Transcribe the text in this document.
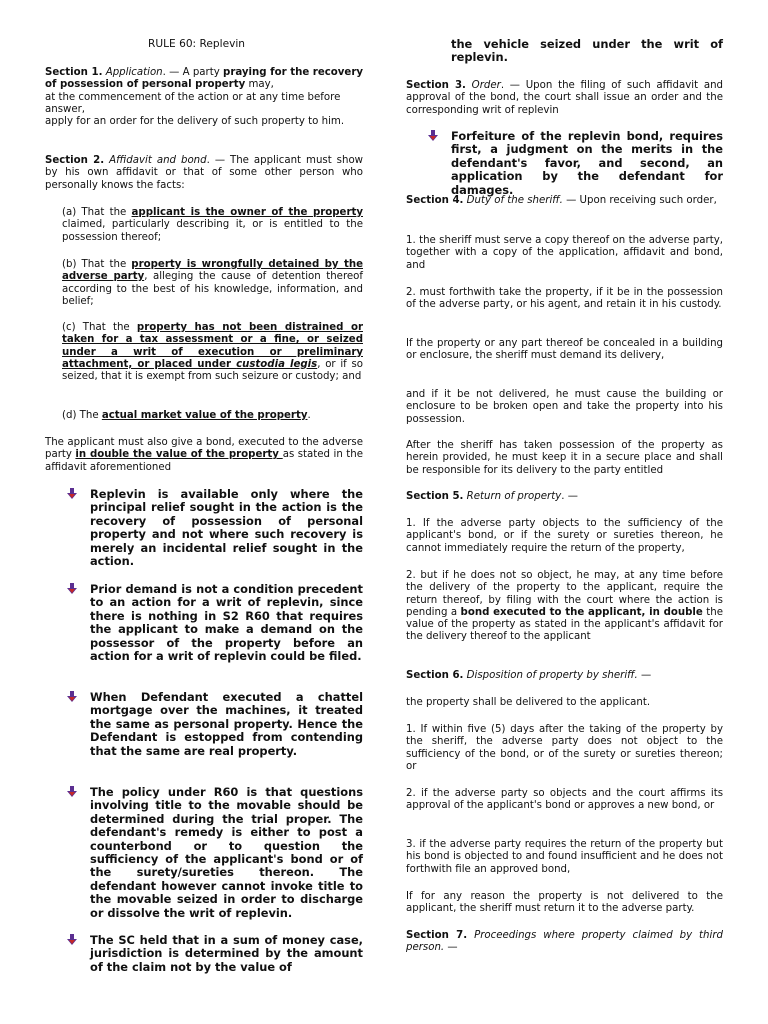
RULE 60: Replevin

Section 1. Application. — A party praying for the recovery of possession of personal property may,

at the commencement of the action or at any time before answer,
apply for an order for the delivery of such property to him.

Section 2. Affidavit and bond. — The applicant must show by his own affidavit or that of some other person who personally knows the facts:

(a) That the applicant is the owner of the property claimed, particularly describing it, or is entitled to the possession thereof;

(b) That the property is wrongfully detained by the adverse party, alleging the cause of detention thereof according to the best of his knowledge, information, and belief;

(c) That the property has not been distrained or taken for a tax assessment or a fine, or seized under a writ of execution or preliminary attachment, or placed under custodia legis, or if so seized, that it is exempt from such seizure or custody; and

(d) The actual market value of the property.

The applicant must also give a bond, executed to the adverse party in double the value of the property as stated in the affidavit aforementioned

Replevin is available only where the principal relief sought in the action is the recovery of possession of personal property and not where such recovery is merely an incidental relief sought in the action.
Prior demand is not a condition precedent to an action for a writ of replevin, since there is nothing in S2 R60 that requires the applicant to make a demand on the possessor of the property before an action for a writ of replevin could be filed.
When Defendant executed a chattel mortgage over the machines, it treated the same as personal property. Hence the Defendant is estopped from contending that the same are real property.
The policy under R60 is that questions involving title to the movable should be determined during the trial proper. The defendant's remedy is either to post a counterbond or to question the sufficiency of the applicant's bond or of the surety/sureties thereon. The defendant however cannot invoke title to the movable seized in order to discharge or dissolve the writ of replevin.
The SC held that in a sum of money case, jurisdiction is determined by the amount of the claim not by the value of
the vehicle seized under the writ of replevin.

Section 3. Order. — Upon the filing of such affidavit and approval of the bond, the court shall issue an order and the corresponding writ of replevin

Forfeiture of the replevin bond, requires first, a judgment on the merits in the defendant's favor, and second, an application by the defendant for damages.

Section 4. Duty of the sheriff. — Upon receiving such order,

1. the sheriff must serve a copy thereof on the adverse party, together with a copy of the application, affidavit and bond, and

2. must forthwith take the property, if it be in the possession of the adverse party, or his agent, and retain it in his custody.

If the property or any part thereof be concealed in a building or enclosure, the sheriff must demand its delivery,

and if it be not delivered, he must cause the building or enclosure to be broken open and take the property into his possession.

After the sheriff has taken possession of the property as herein provided, he must keep it in a secure place and shall be responsible for its delivery to the party entitled

Section 5. Return of property. —

1. If the adverse party objects to the sufficiency of the applicant's bond, or if the surety or sureties thereon, he cannot immediately require the return of the property,

2. but if he does not so object, he may, at any time before the delivery of the property to the applicant, require the return thereof, by filing with the court where the action is pending a bond executed to the applicant, in double the value of the property as stated in the applicant's affidavit for the delivery thereof to the applicant

Section 6. Disposition of property by sheriff. —

the property shall be delivered to the applicant.

1. If within five (5) days after the taking of the property by the sheriff, the adverse party does not object to the sufficiency of the bond, or of the surety or sureties thereon; or

2. if the adverse party so objects and the court affirms its approval of the applicant's bond or approves a new bond, or

3. if the adverse party requires the return of the property but his bond is objected to and found insufficient and he does not forthwith file an approved bond,

If for any reason the property is not delivered to the applicant, the sheriff must return it to the adverse party.

Section 7. Proceedings where property claimed by third person. —
